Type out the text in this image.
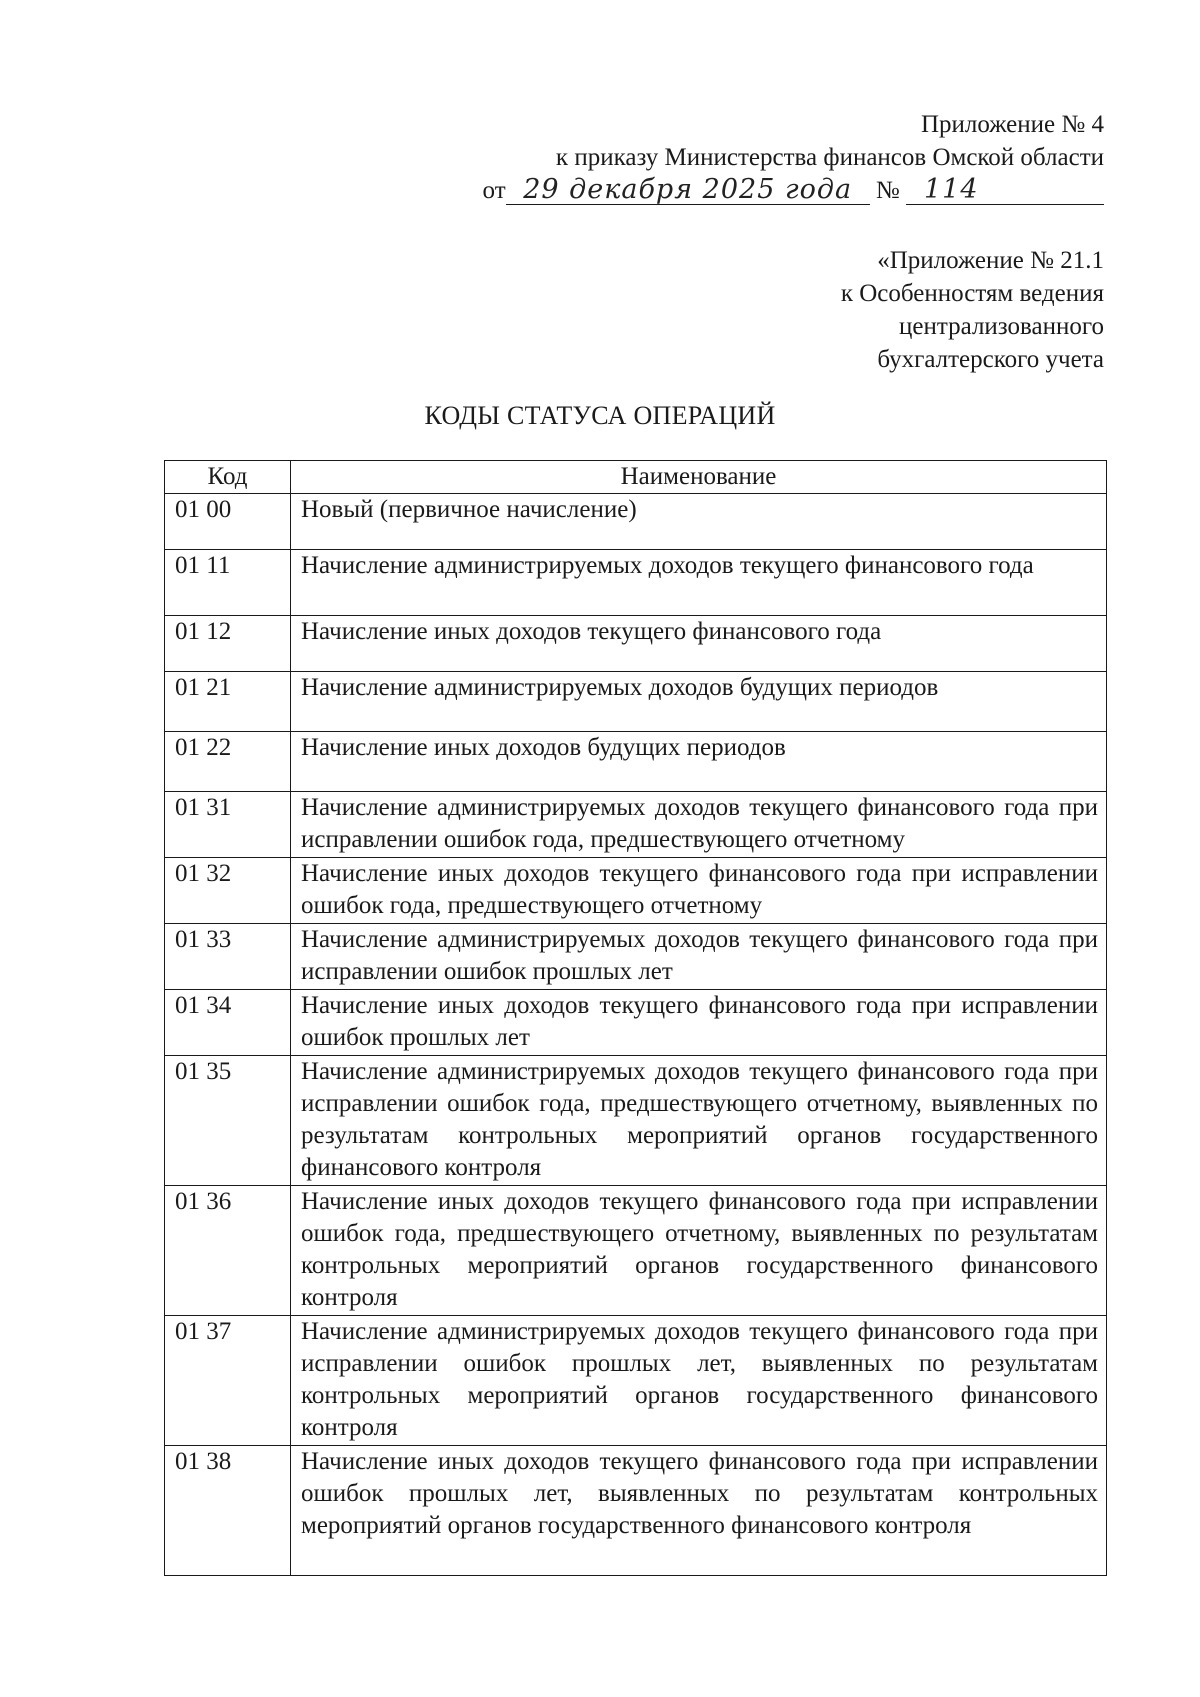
Приложение № 4
к приказу Министерства финансов Омской области
от 29 декабря 2025 года № 114
«Приложение № 21.1
к Особенностям ведения
централизованного
бухгалтерского учета
КОДЫ СТАТУСА ОПЕРАЦИЙ
Код	Наименование
01 00	Новый (первичное начисление)
01 11	Начисление администрируемых доходов текущего финансового года
01 12	Начисление иных доходов текущего финансового года
01 21	Начисление администрируемых доходов будущих периодов
01 22	Начисление иных доходов будущих периодов
01 31	Начисление администрируемых доходов текущего финансового года при исправлении ошибок года, предшествующего отчетному
01 32	Начисление иных доходов текущего финансового года при исправлении ошибок года, предшествующего отчетному
01 33	Начисление администрируемых доходов текущего финансового года при исправлении ошибок прошлых лет
01 34	Начисление иных доходов текущего финансового года при исправлении ошибок прошлых лет
01 35	Начисление администрируемых доходов текущего финансового года при исправлении ошибок года, предшествующего отчетному, выявленных по результатам контрольных мероприятий органов государственного финансового контроля
01 36	Начисление иных доходов текущего финансового года при исправлении ошибок года, предшествующего отчетному, выявленных по результатам контрольных мероприятий органов государственного финансового контроля
01 37	Начисление администрируемых доходов текущего финансового года при исправлении ошибок прошлых лет, выявленных по результатам контрольных мероприятий органов государственного финансового контроля
01 38	Начисление иных доходов текущего финансового года при исправлении ошибок прошлых лет, выявленных по результатам контрольных мероприятий органов государственного финансового контроля
